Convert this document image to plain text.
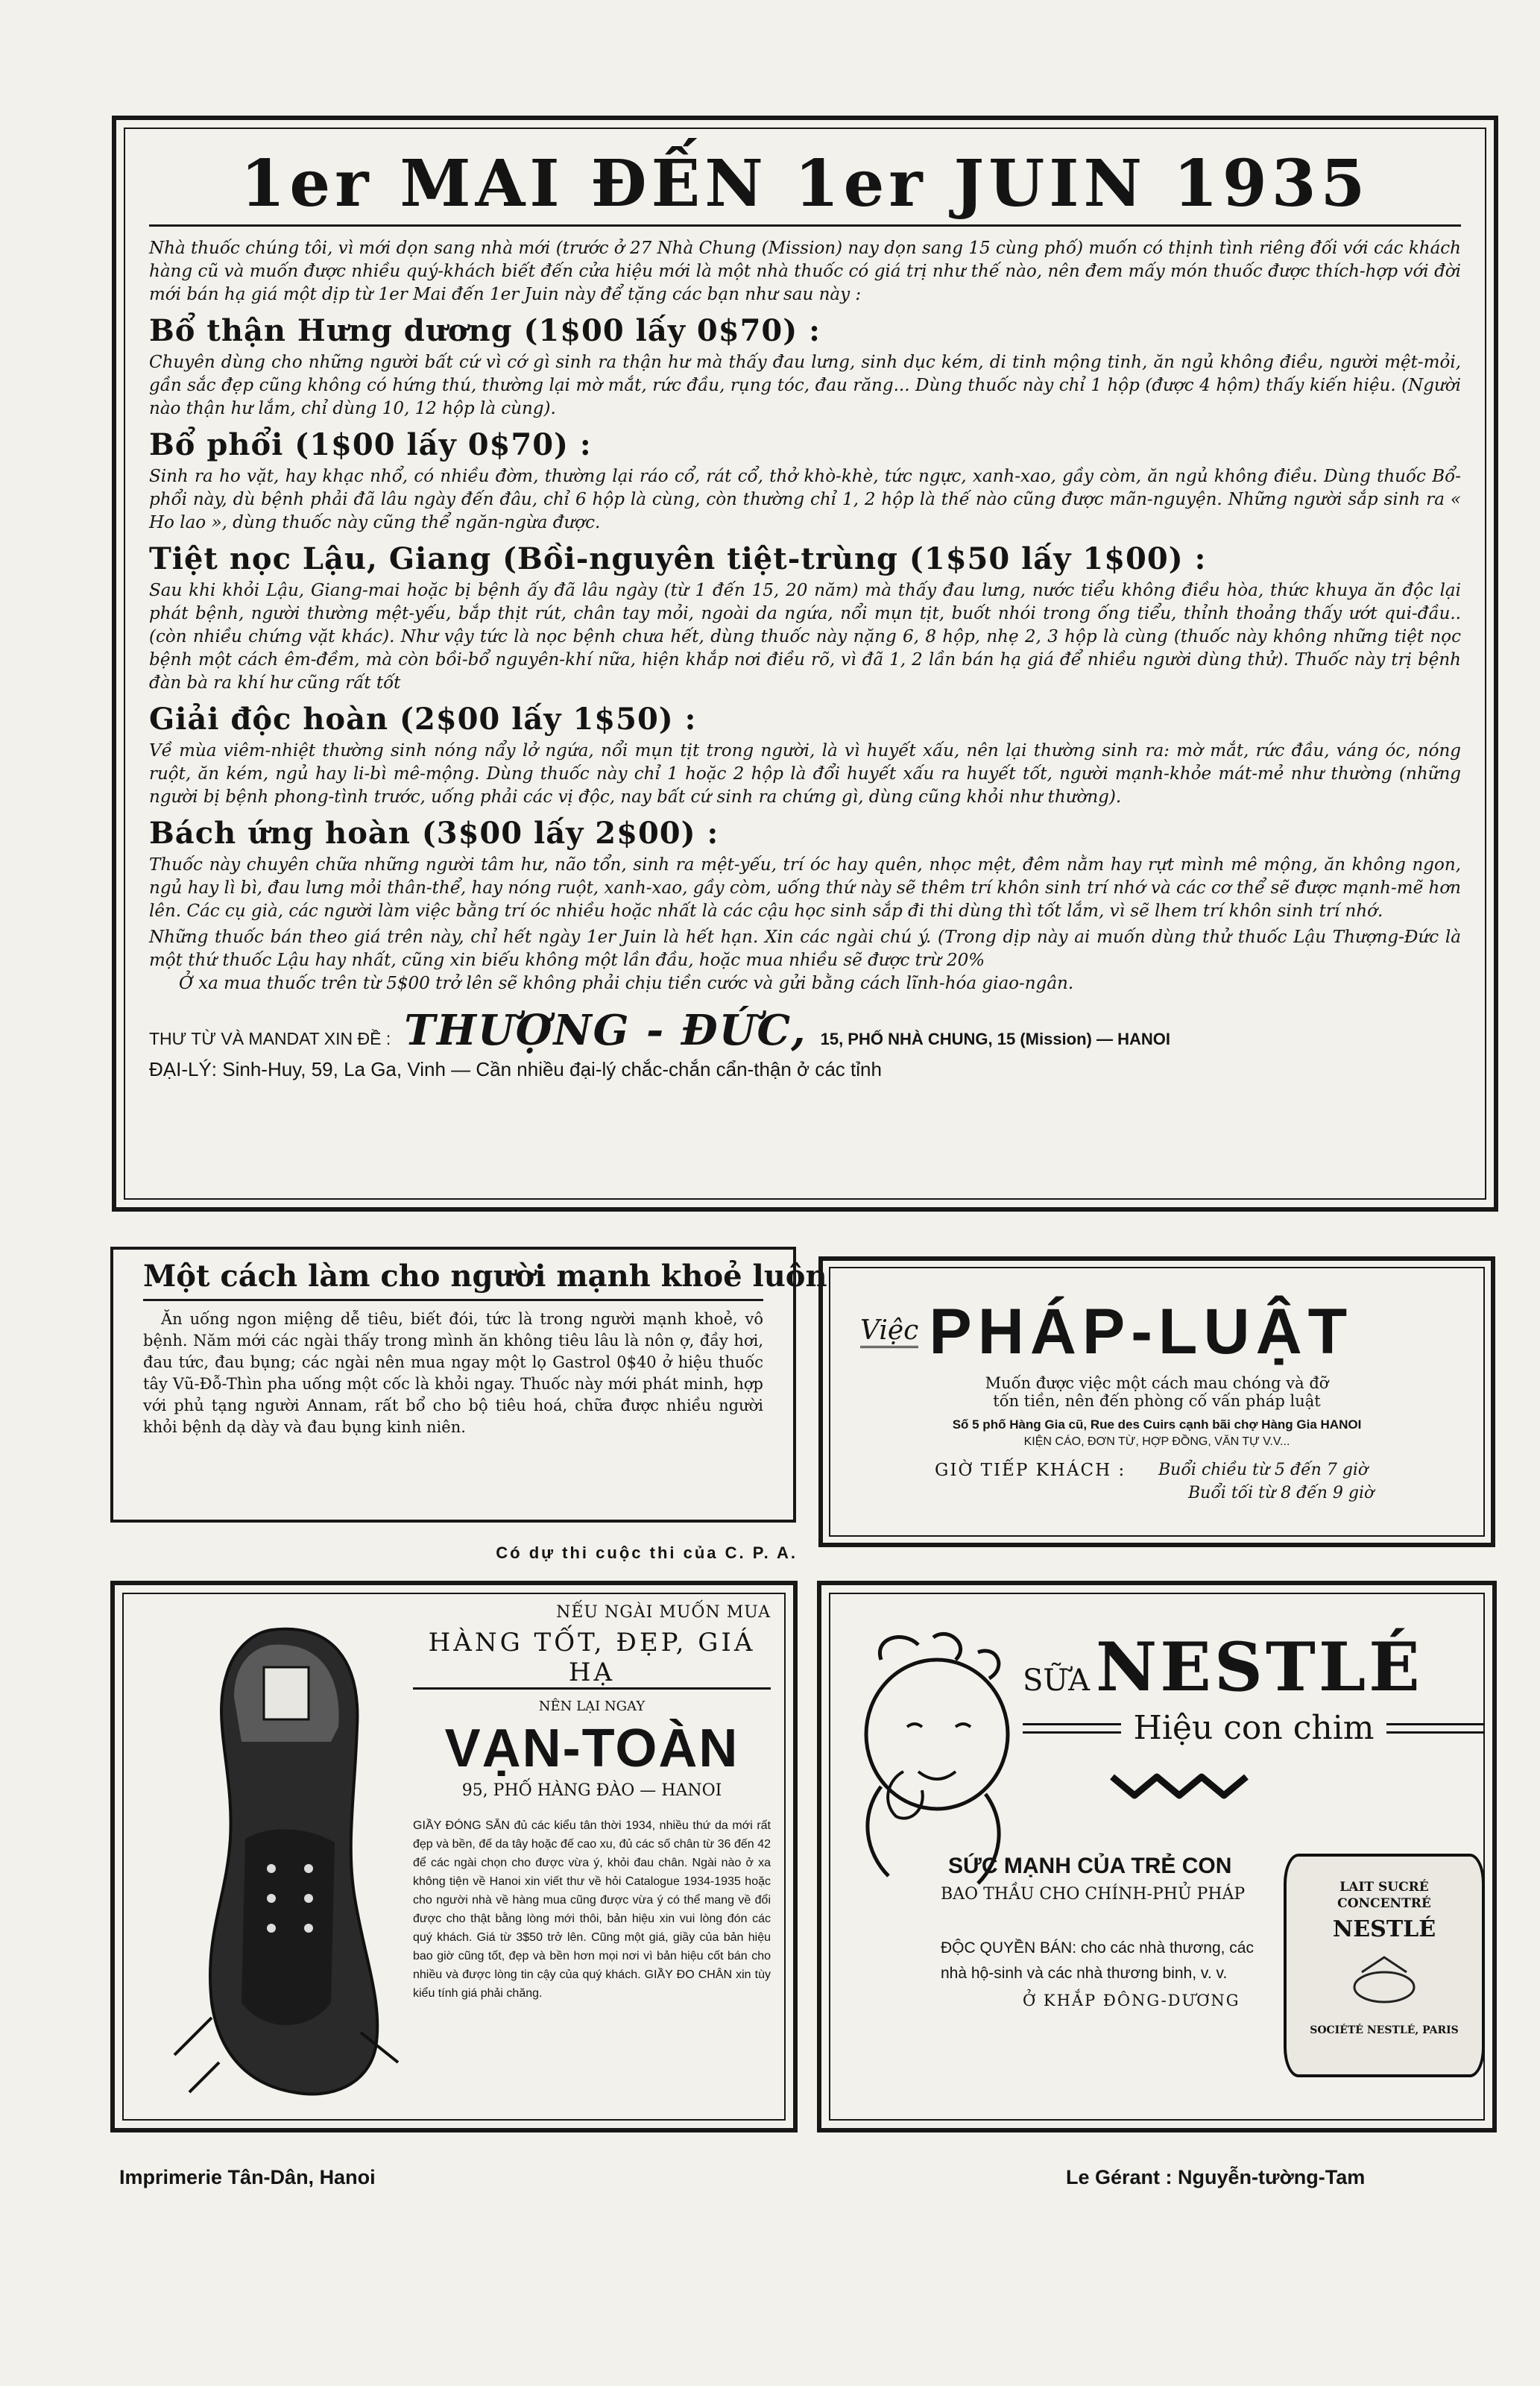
1er MAI ĐẾN 1er JUIN 1935

Nhà thuốc chúng tôi, vì mới dọn sang nhà mới (trước ở 27 Nhà Chung (Mission) nay dọn sang 15 cùng phố) muốn có thịnh tình riêng đối với các khách hàng cũ và muốn được nhiều quý-khách biết đến cửa hiệu mới là một nhà thuốc có giá trị như thế nào, nên đem mấy món thuốc được thích-hợp với đời mới bán hạ giá một dịp từ 1er Mai đến 1er Juin này để tặng các bạn như sau này :

Bổ thận Hưng dương (1$00 lấy 0$70) :

Chuyên dùng cho những người bất cứ vì cớ gì sinh ra thận hư mà thấy đau lưng, sinh dục kém, di tinh mộng tinh, ăn ngủ không điều, người mệt-mỏi, gần sắc đẹp cũng không có hứng thú, thường lại mờ mắt, rức đầu, rụng tóc, đau răng... Dùng thuốc này chỉ 1 hộp (được 4 hộm) thấy kiến hiệu. (Người nào thận hư lắm, chỉ dùng 10, 12 hộp là cùng).

Bổ phổi (1$00 lấy 0$70) :

Sinh ra ho vặt, hay khạc nhổ, có nhiều đờm, thường lại ráo cổ, rát cổ, thở khò-khè, tức ngực, xanh-xao, gầy còm, ăn ngủ không điều. Dùng thuốc Bổ-phổi này, dù bệnh phải đã lâu ngày đến đâu, chỉ 6 hộp là cùng, còn thường chỉ 1, 2 hộp là thế nào cũng được mãn-nguyện. Những người sắp sinh ra « Ho lao », dùng thuốc này cũng thể ngăn-ngừa được.

Tiệt nọc Lậu, Giang (Bồi-nguyên tiệt-trùng (1$50 lấy 1$00) :

Sau khi khỏi Lậu, Giang-mai hoặc bị bệnh ấy đã lâu ngày (từ 1 đến 15, 20 năm) mà thấy đau lưng, nước tiểu không điều hòa, thức khuya ăn độc lại phát bệnh, người thường mệt-yếu, bắp thịt rút, chân tay mỏi, ngoài da ngứa, nổi mụn tịt, buốt nhói trong ống tiểu, thỉnh thoảng thấy ướt qui-đầu.. (còn nhiều chứng vặt khác). Như vậy tức là nọc bệnh chưa hết, dùng thuốc này nặng 6, 8 hộp, nhẹ 2, 3 hộp là cùng (thuốc này không những tiệt nọc bệnh một cách êm-đềm, mà còn bồi-bổ nguyên-khí nữa, hiện khắp nơi điều rõ, vì đã 1, 2 lần bán hạ giá để nhiều người dùng thử). Thuốc này trị bệnh đàn bà ra khí hư cũng rất tốt

Giải độc hoàn (2$00 lấy 1$50) :

Về mùa viêm-nhiệt thường sinh nóng nẩy lở ngứa, nổi mụn tịt trong người, là vì huyết xấu, nên lại thường sinh ra: mờ mắt, rức đầu, váng óc, nóng ruột, ăn kém, ngủ hay li-bì mê-mộng. Dùng thuốc này chỉ 1 hoặc 2 hộp là đổi huyết xấu ra huyết tốt, người mạnh-khỏe mát-mẻ như thường (những người bị bệnh phong-tình trước, uống phải các vị độc, nay bất cứ sinh ra chứng gì, dùng cũng khỏi như thường).

Bách ứng hoàn (3$00 lấy 2$00) :

Thuốc này chuyên chữa những người tâm hư, não tổn, sinh ra mệt-yếu, trí óc hay quên, nhọc mệt, đêm nằm hay rựt mình mê mộng, ăn không ngon, ngủ hay lì bì, đau lưng mỏi thân-thể, hay nóng ruột, xanh-xao, gầy còm, uống thứ này sẽ thêm trí khôn sinh trí nhớ và các cơ thể sẽ được mạnh-mẽ hơn lên. Các cụ già, các người làm việc bằng trí óc nhiều hoặc nhất là các cậu học sinh sắp đi thi dùng thì tốt lắm, vì sẽ lhem trí khôn sinh trí nhớ.

Những thuốc bán theo giá trên này, chỉ hết ngày 1er Juin là hết hạn. Xin các ngài chú ý. (Trong dịp này ai muốn dùng thử thuốc Lậu Thượng-Đức là một thứ thuốc Lậu hay nhất, cũng xin biếu không một lần đầu, hoặc mua nhiều sẽ được trừ 20%

Ở xa mua thuốc trên từ 5$00 trở lên sẽ không phải chịu tiền cước và gửi bằng cách lĩnh-hóa giao-ngân.

THƯ TỪ VÀ MANDAT XIN ĐỀ : THƯỢNG - ĐỨC, 15, PHỐ NHÀ CHUNG, 15 (Mission) — HANOI
ĐẠI-LÝ: Sinh-Huy, 59, La Ga, Vinh — Cần nhiều đại-lý chắc-chắn cẩn-thận ở các tỉnh
Một cách làm cho người mạnh khoẻ luôn

Ăn uống ngon miệng dễ tiêu, biết đói, tức là trong người mạnh khoẻ, vô bệnh. Năm mới các ngài thấy trong mình ăn không tiêu lâu là nôn ợ, đầy hơi, đau tức, đau bụng; các ngài nên mua ngay một lọ Gastrol 0$40 ở hiệu thuốc tây Vũ-Đỗ-Thìn pha uống một cốc là khỏi ngay. Thuốc này mới phát minh, hợp với phủ tạng người Annam, rất bổ cho bộ tiêu hoá, chữa được nhiều người khỏi bệnh dạ dày và đau bụng kinh niên.

Có dự thi cuộc thi của C. P. A.
Việc PHÁP-LUẬT
Muốn được việc một cách mau chóng và đỡ
tốn tiền, nên đến phòng cố vấn pháp luật
Số 5 phố Hàng Gia cũ, Rue des Cuirs cạnh bãi chợ Hàng Gia HANOI
KIỆN CÁO, ĐƠN TỪ, HỢP ĐỒNG, VĂN TỰ V.V...
GIỜ TIẾP KHÁCH :	Buổi chiều từ 5 đến 7 giờ
Buổi tối từ 8 đến 9 giờ
NẾU NGÀI MUỐN MUA
HÀNG TỐT, ĐẸP, GIÁ HẠ
NÊN LẠI NGAY
VẠN-TOÀN
95, PHỐ HÀNG ĐÀO — HANOI

GIẦY ĐÓNG SẴN đủ các kiểu tân thời 1934, nhiều thứ da mới rất đẹp và bền, đế da tây hoặc đế cao xu, đủ các số chân từ 36 đến 42 để các ngài chọn cho được vừa ý, khỏi đau chân. Ngài nào ở xa không tiện về Hanoi xin viết thư về hỏi Catalogue 1934-1935 hoặc cho người nhà về hàng mua cũng được vừa ý có thể mang về đổi được cho thật bằng lòng mới thôi, bản hiệu xin vui lòng đón các quý khách. Giá từ 3$50 trở lên. Cũng một giá, giầy của bản hiệu bao giờ cũng tốt, đẹp và bền hơn mọi nơi vì bản hiệu cốt bán cho nhiều và được lòng tin cậy của quý khách. GIẦY ĐO CHÂN xin tùy kiểu tính giá phải chăng.

SỮA NESTLÉ
Hiệu con chim
SỨC MẠNH CỦA TRẺ CON
BAO THẦU CHO CHÍNH-PHỦ PHÁP
ĐỘC QUYỀN BÁN: cho các nhà thương, các
nhà hộ-sinh và các nhà thương binh, v. v.
Ở KHẮP ĐÔNG-DƯƠNG
LAIT SUCRÉ CONCENTRÉ
NESTLÉ
SOCIÉTÉ NESTLÉ, PARIS
Imprimerie Tân-Dân, Hanoi	Le Gérant : Nguyễn-tường-Tam
